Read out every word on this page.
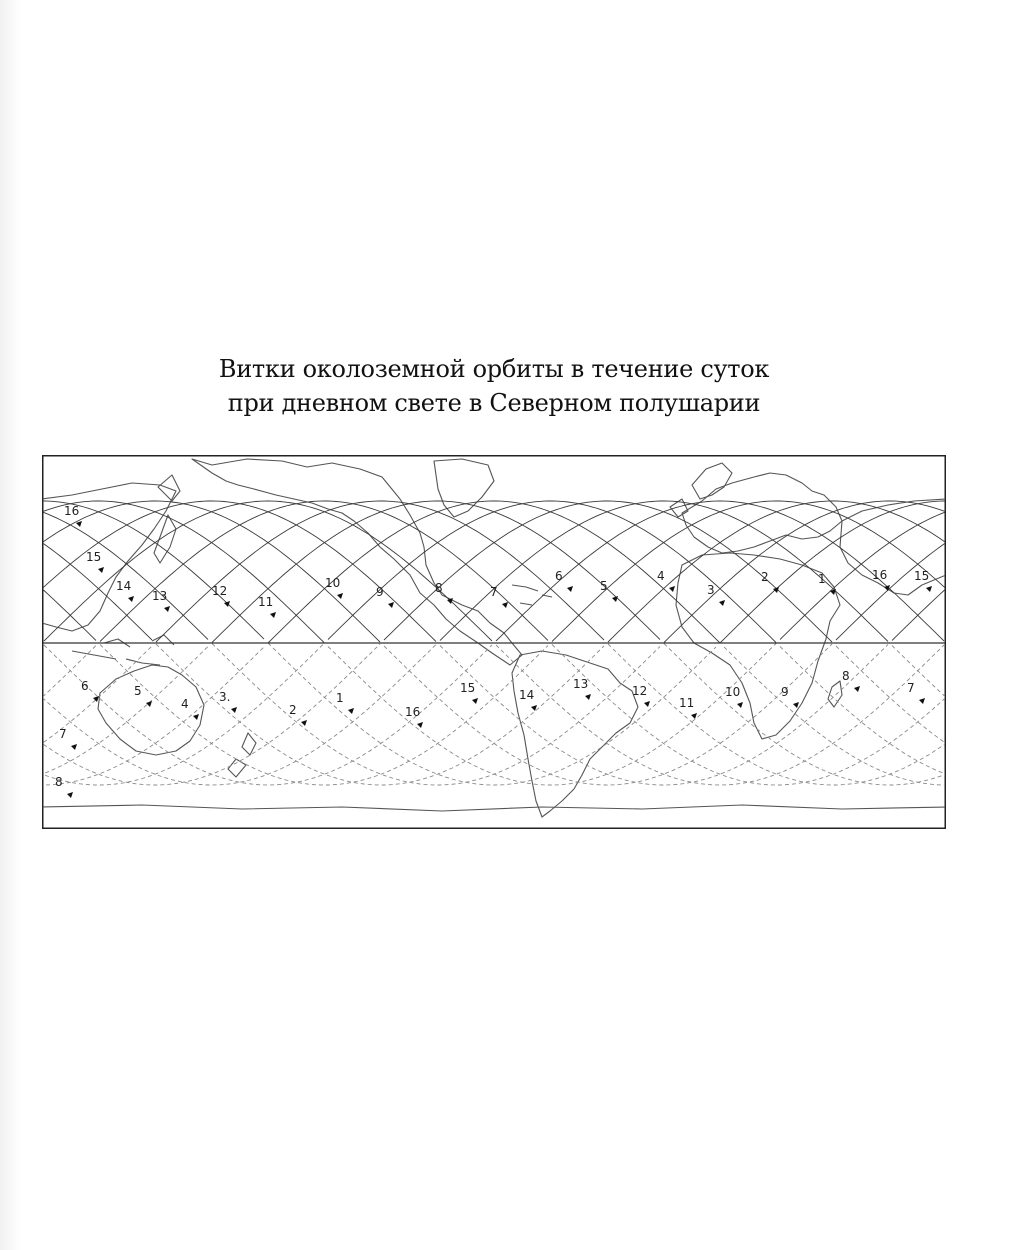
Витки околоземной орбиты в течение суток
при дневном свете в Северном полушарии
16
15
14
13	12
11
10
9	8	7
6
5
4
3
2	1	16 15
6	5
4	3.
2
1
16
15	14
13	12
11
10	9
8
7
7
8
